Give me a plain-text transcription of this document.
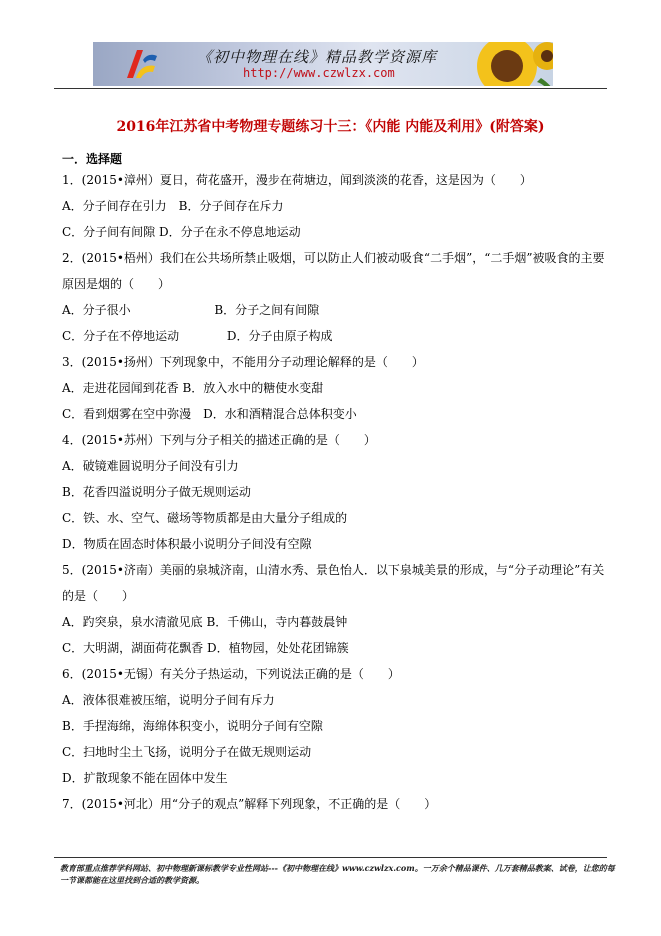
《初中物理在线》精品教学资源库
http://www.czwlzx.com
2016年江苏省中考物理专题练习十三：《内能 内能及利用》(附答案)
一．选择题
1．(2015•漳州）夏日，荷花盛开，漫步在荷塘边，闻到淡淡的花香，这是因为（　　）
A．分子间存在引力　B．分子间存在斥力
C．分子间有间隙 D．分子在永不停息地运动
2．(2015•梧州）我们在公共场所禁止吸烟，可以防止人们被动吸食“二手烟”，“二手烟”被吸食的主要
原因是烟的（　　）
A．分子很小	B．分子之间有间隙
C．分子在不停地运动	D．分子由原子构成
3．(2015•扬州）下列现象中，不能用分子动理论解释的是（　　）
A．走进花园闻到花香 B．放入水中的糖使水变甜
C．看到烟雾在空中弥漫　D．水和酒精混合总体积变小
4．(2015•苏州）下列与分子相关的描述正确的是（　　）
A．破镜难圆说明分子间没有引力
B．花香四溢说明分子做无规则运动
C．铁、水、空气、磁场等物质都是由大量分子组成的
D．物质在固态时体积最小说明分子间没有空隙
5．(2015•济南）美丽的泉城济南，山清水秀、景色怡人．以下泉城美景的形成，与“分子动理论”有关
的是（　　）
A．趵突泉，泉水清澈见底 B．千佛山，寺内暮鼓晨钟
C．大明湖，湖面荷花飘香 D．植物园，处处花团锦簇
6．(2015•无锡）有关分子热运动，下列说法正确的是（　　）
A．液体很难被压缩，说明分子间有斥力
B．手捏海绵，海绵体积变小，说明分子间有空隙
C．扫地时尘土飞扬，说明分子在做无规则运动
D．扩散现象不能在固体中发生
7．(2015•河北）用“分子的观点”解释下列现象，不正确的是（　　）
教育部重点推荐学科网站、初中物理新课标教学专业性网站---《初中物理在线》www.czwlzx.com。一万余个精品课件、几万套精品教案、试卷，让您的每一节课都能在这里找到合适的教学资源。
